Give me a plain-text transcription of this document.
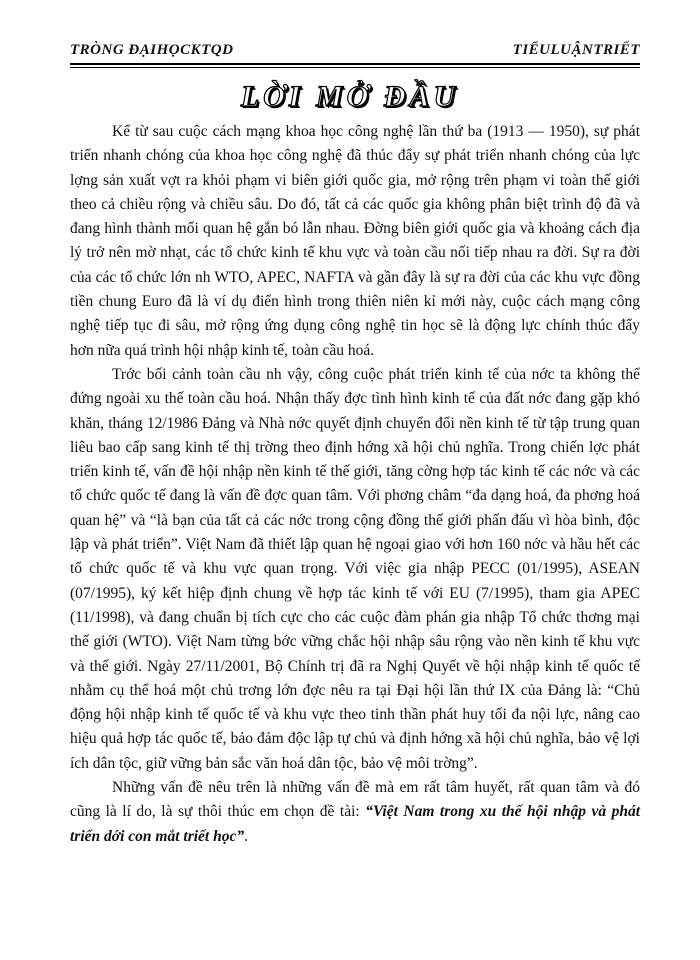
TRÒNG ĐẠIHỌCKTQD	TIỂULUẬNTRIẾT
LỜI MỞ ĐẦU

Kể từ sau cuộc cách mạng khoa học công nghệ lần thứ ba (1913 — 1950), sự phát triển nhanh chóng của khoa học công nghệ đã thúc đẩy sự phát triển nhanh chóng của lực lợng sản xuất vợt ra khỏi phạm vi biên giới quốc gia, mở rộng trên phạm vi toàn thế giới theo cả chiều rộng và chiều sâu. Do đó, tất cả các quốc gia không phân biệt trình độ đã và đang hình thành mối quan hệ gắn bó lẫn nhau. Đờng biên giới quốc gia và khoảng cách địa lý trở nên mờ nhạt, các tổ chức kinh tế khu vực và toàn cầu nối tiếp nhau ra đời. Sự ra đời của các tổ chức lớn nh WTO, APEC, NAFTA và gần đây là sự ra đời của các khu vực đồng tiền chung Euro đã là ví dụ điển hình trong thiên niên kỉ mới này, cuộc cách mạng công nghệ tiếp tục đi sâu, mở rộng ứng dụng công nghệ tin học sẽ là động lực chính thúc đẩy hơn nữa quá trình hội nhập kinh tế, toàn cầu hoá.

Trớc bối cảnh toàn cầu nh vậy, công cuộc phát triển kinh tế của nớc ta không thể đứng ngoài xu thế toàn cầu hoá. Nhận thấy đợc tình hình kinh tế của đất nớc đang gặp khó khăn, tháng 12/1986 Đảng và Nhà nớc quyết định chuyển đổi nền kinh tế từ tập trung quan liêu bao cấp sang kinh tế thị trờng theo định hớng xã hội chủ nghĩa. Trong chiến lợc phát triển kinh tế, vấn đề hội nhập nền kinh tế thế giới, tăng cờng hợp tác kinh tế các nớc và các tổ chức quốc tế đang là vấn đề đợc quan tâm. Với phơng châm “đa dạng hoá, đa phơng hoá quan hệ” và “là bạn của tất cả các nớc trong cộng đồng thế giới phấn đấu vì hòa bình, độc lập và phát triển”. Việt Nam đã thiết lập quan hệ ngoại giao với hơn 160 nớc và hầu hết các tổ chức quốc tế và khu vực quan trọng. Với việc gia nhập PECC (01/1995), ASEAN (07/1995), ký kết hiệp định chung về hợp tác kinh tế với EU (7/1995), tham gia APEC (11/1998), và đang chuẩn bị tích cực cho các cuộc đàm phán gia nhập Tổ chức thơng mại thế giới (WTO). Việt Nam từng bớc vững chắc hội nhập sâu rộng vào nền kinh tế khu vực và thế giới. Ngày 27/11/2001, Bộ Chính trị đã ra Nghị Quyết về hội nhập kinh tế quốc tế nhằm cụ thể hoá một chủ trơng lớn đợc nêu ra tại Đại hội lần thứ IX của Đảng là: “Chủ động hội nhập kinh tế quốc tế và khu vực theo tinh thần phát huy tối đa nội lực, nâng cao hiệu quả hợp tác quốc tế, bảo đảm độc lập tự chủ và định hớng xã hội chủ nghĩa, bảo vệ lợi ích dân tộc, giữ vững bản sắc văn hoá dân tộc, bảo vệ môi trờng”.

Những vấn đề nêu trên là những vấn đề mà em rất tâm huyết, rất quan tâm và đó cũng là lí do, là sự thôi thúc em chọn đề tài: “Việt Nam trong xu thế hội nhập và phát triển dới con mắt triết học”.
